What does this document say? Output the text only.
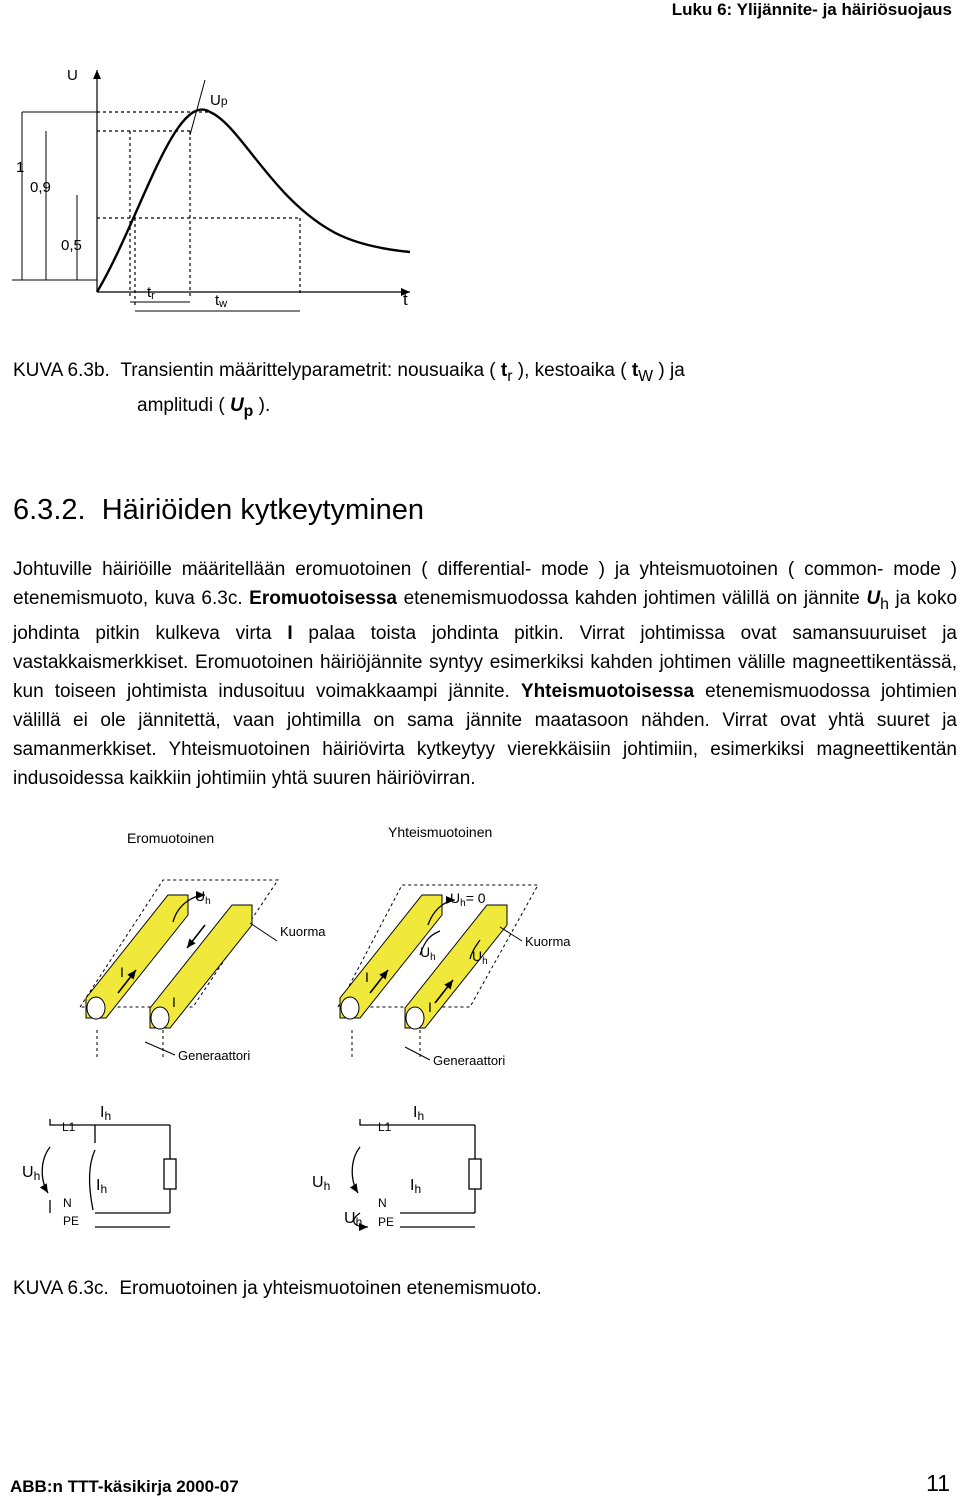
Luku 6: Ylijännite- ja häiriösuojaus
U
Up
1
0,9
0,5
t
tr	tw
KUVA 6.3b. Transientin määrittelyparametrit: nousuaika ( $t_r$ ), kestoaika ( $t_W$ ) ja
amplitudi ( $U_p$ ).
6.3.2. Häiriöiden kytkeytyminen

Johtuville häiriöille määritellään eromuotoinen ( differential- mode ) ja yhteismuotoinen ( common- mode ) etenemismuoto, kuva 6.3c. Eromuotoisessa etenemismuodossa kahden johtimen välillä on jännite $U_h$ ja koko johdinta pitkin kulkeva virta I palaa toista johdinta pitkin. Virrat johtimissa ovat samansuuruiset ja vastakkaismerkkiset. Eromuotoinen häiriöjännite syntyy esimerkiksi kahden johtimen välille magneettikentässä, kun toiseen johtimista indusoituu voimakkaampi jännite. Yhteismuotoisessa etenemismuodossa johtimien välillä ei ole jännitettä, vaan johtimilla on sama jännite maatasoon nähden. Virrat ovat yhtä suuret ja samanmerkkiset. Yhteismuotoinen häiriövirta kytkeytyy vierekkäisiin johtimiin, esimerkiksi magneettikentän indusoidessa kaikkiin johtimiin yhtä suuren häiriövirran.

Eromuotoinen	Yhteismuotoinen
$U_h$
I
I
Kuorma
Generaattori
$U_h= 0$
$U_h$	$U_h$
I
I
Kuorma
Generaattori
Ih
L1
Uh
Ih
N
PE
Ih
L1
Uh	Ih
N
Uh PE
KUVA 6.3c. Eromuotoinen ja yhteismuotoinen etenemismuoto.
ABB:n TTT-käsikirja 2000-07	11
